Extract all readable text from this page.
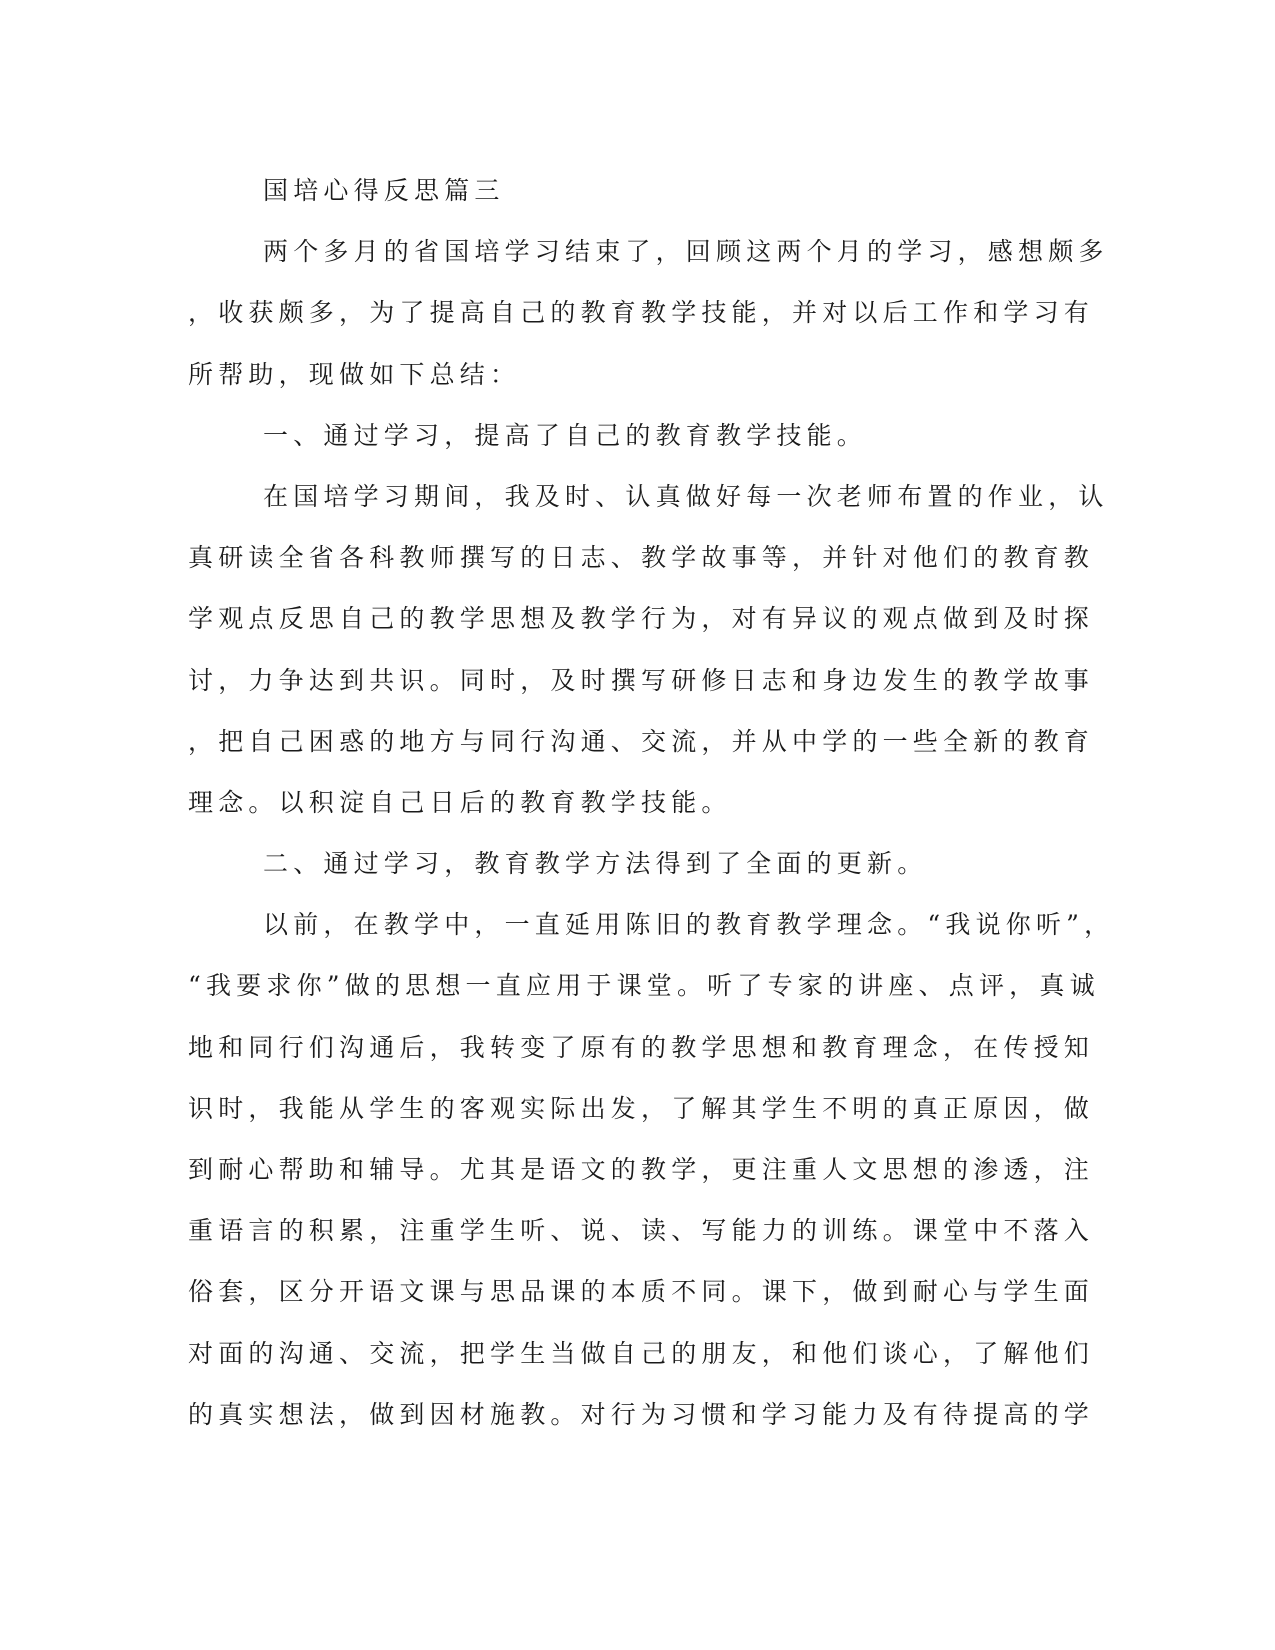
国培心得反思篇三

两个多月的省国培学习结束了，回顾这两个月的学习，感想颇多

，收获颇多，为了提高自己的教育教学技能，并对以后工作和学习有

所帮助，现做如下总结：

一、通过学习，提高了自己的教育教学技能。

在国培学习期间，我及时、认真做好每一次老师布置的作业，认

真研读全省各科教师撰写的日志、教学故事等，并针对他们的教育教

学观点反思自己的教学思想及教学行为，对有异议的观点做到及时探

讨，力争达到共识。同时，及时撰写研修日志和身边发生的教学故事

，把自己困惑的地方与同行沟通、交流，并从中学的一些全新的教育

理念。以积淀自己日后的教育教学技能。

二、通过学习，教育教学方法得到了全面的更新。

以前，在教学中，一直延用陈旧的教育教学理念。“我说你听”，

“我要求你”做的思想一直应用于课堂。听了专家的讲座、点评，真诚

地和同行们沟通后，我转变了原有的教学思想和教育理念，在传授知

识时，我能从学生的客观实际出发，了解其学生不明的真正原因，做

到耐心帮助和辅导。尤其是语文的教学，更注重人文思想的渗透，注

重语言的积累，注重学生听、说、读、写能力的训练。课堂中不落入

俗套，区分开语文课与思品课的本质不同。课下，做到耐心与学生面

对面的沟通、交流，把学生当做自己的朋友，和他们谈心，了解他们

的真实想法，做到因材施教。对行为习惯和学习能力及有待提高的学
